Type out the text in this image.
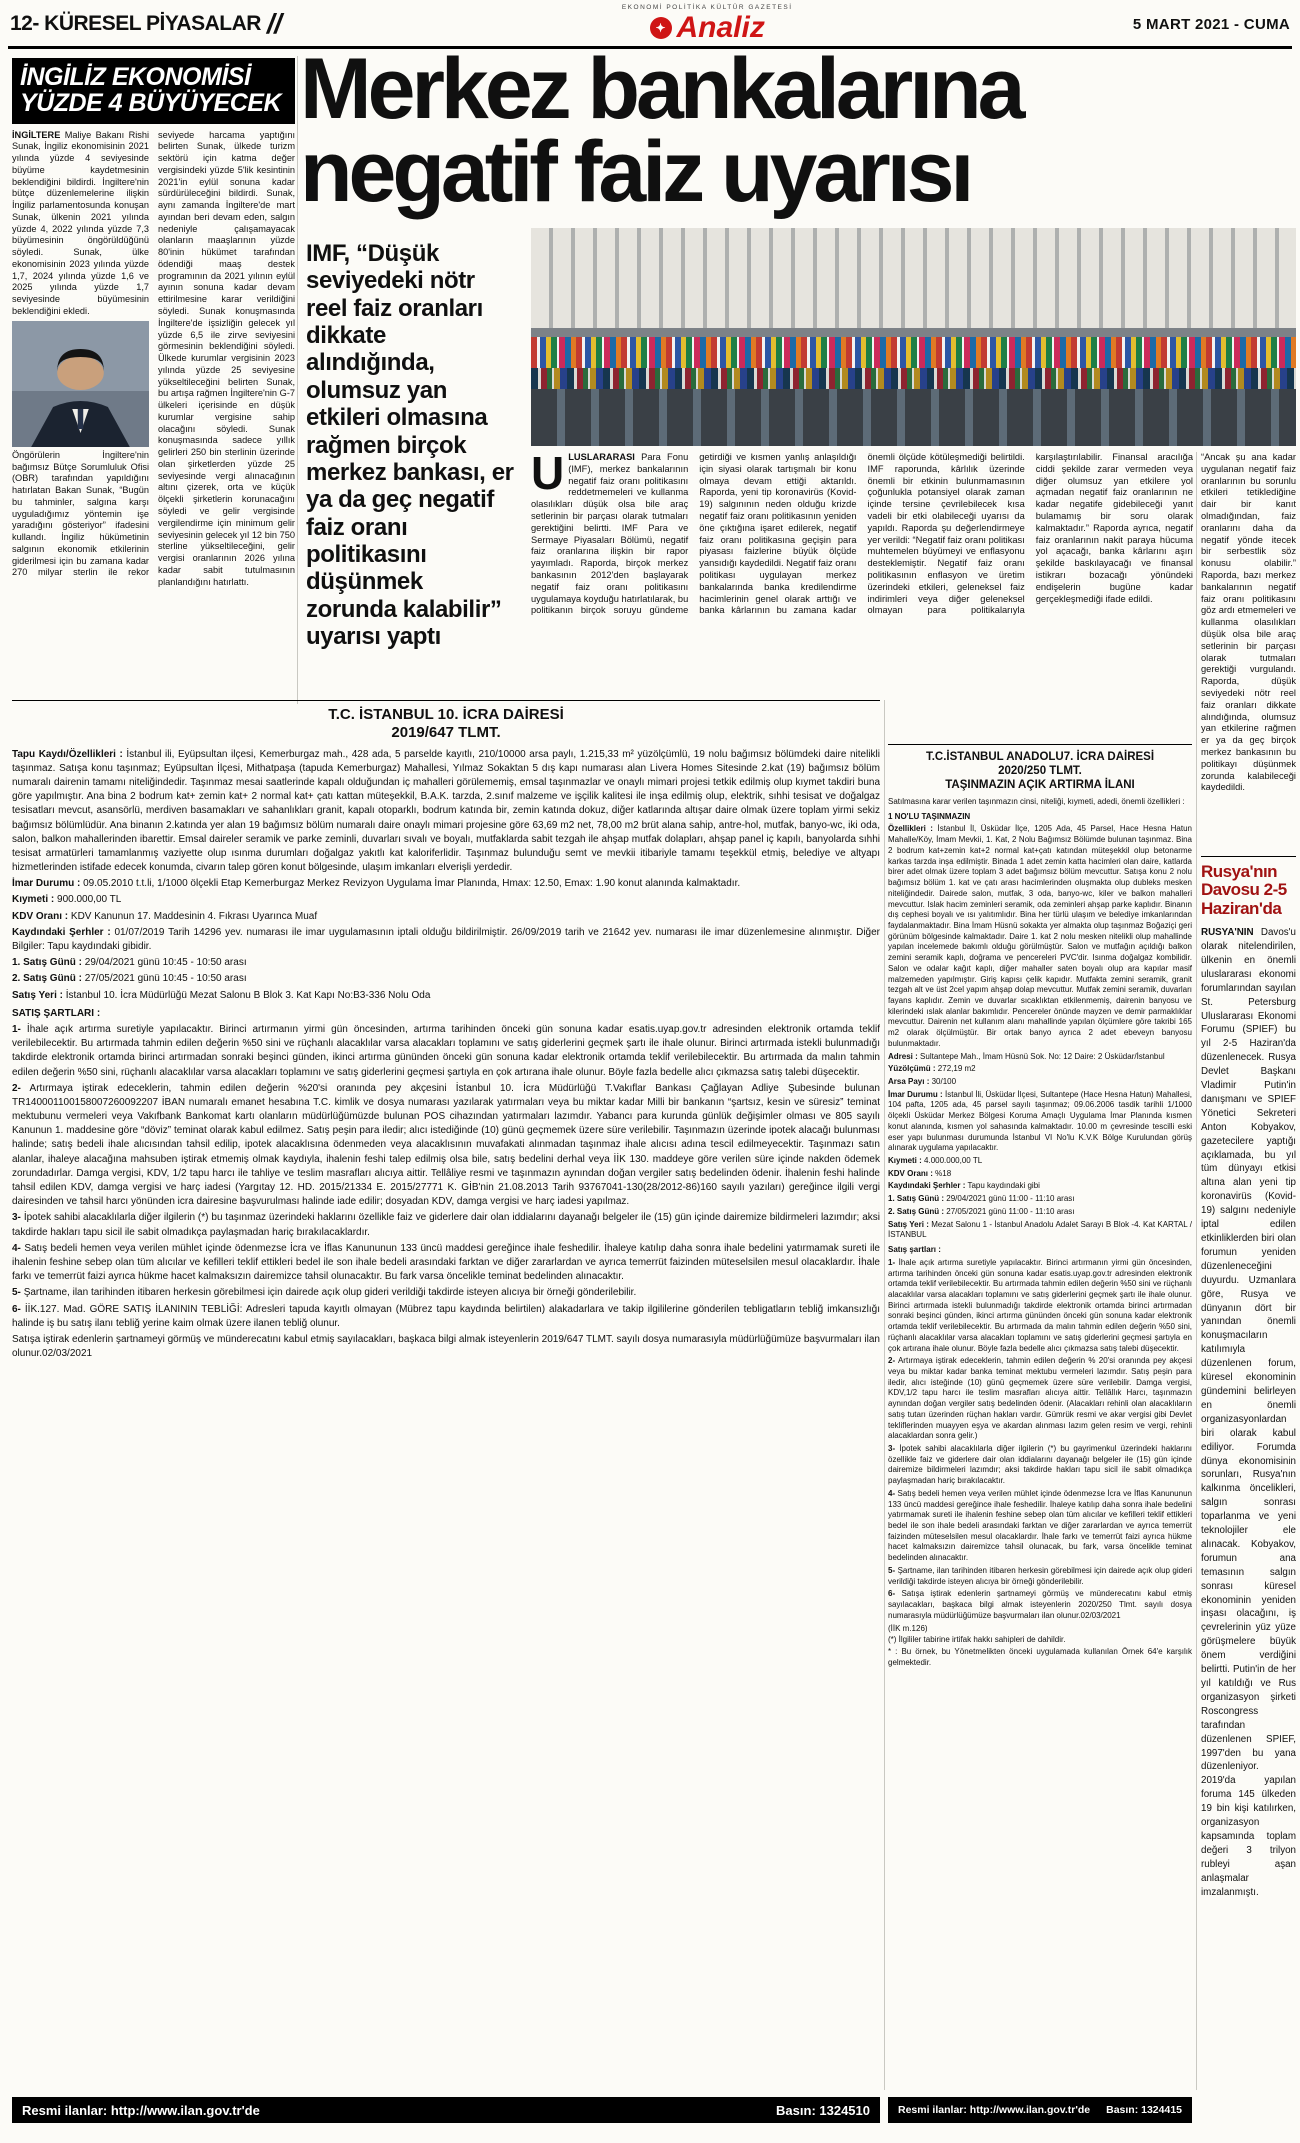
12- KÜRESEL PİYASALAR //
EKONOMİ POLİTİKA KÜLTÜR GAZETESİ
✦ Analiz	5 MART 2021 - CUMA
İNGİLİZ EKONOMİSİ
YÜZDE 4 BÜYÜYECEK

İNGİLTERE Maliye Bakanı Rishi Sunak, İngiliz ekonomisinin 2021 yılında yüzde 4 seviyesinde büyüme kaydetmesinin beklendiğini bildirdi. İngiltere'nin bütçe düzenlemelerine ilişkin İngiliz parlamentosunda konuşan Sunak, ülkenin 2021 yılında yüzde 4, 2022 yılında yüzde 7,3 büyümesinin öngörüldüğünü söyledi. Sunak, ülke ekonomisinin 2023 yılında yüzde 1,7, 2024 yılında yüzde 1,6 ve 2025 yılında yüzde 1,7 seviyesinde büyümesinin beklendiğini ekledi.

Öngörülerin İngiltere'nin bağımsız Bütçe Sorumluluk Ofisi (OBR) tarafından yapıldığını hatırlatan Bakan Sunak, “Bugün bu tahminler, salgına karşı uyguladığımız yöntemin işe yaradığını gösteriyor” ifadesini kullandı. İngiliz hükümetinin salgının ekonomik etkilerinin giderilmesi için bu zamana kadar 270 milyar sterlin ile rekor seviyede harcama yaptığını belirten Sunak, ülkede turizm sektörü için katma değer vergisindeki yüzde 5'lik kesintinin 2021'in eylül sonuna kadar sürdürüleceğini bildirdi. Sunak, aynı zamanda İngiltere'de mart ayından beri devam eden, salgın nedeniyle çalışamayacak olanların maaşlarının yüzde 80'inin hükümet tarafından ödendiği maaş destek programının da 2021 yılının eylül ayının sonuna kadar devam ettirilmesine karar verildiğini söyledi. Sunak konuşmasında İngiltere'de işsizliğin gelecek yıl yüzde 6,5 ile zirve seviyesini görmesinin beklendiğini söyledi. Ülkede kurumlar vergisinin 2023 yılında yüzde 25 seviyesine yükseltileceğini belirten Sunak, bu artışa rağmen İngiltere'nin G-7 ülkeleri içerisinde en düşük kurumlar vergisine sahip olacağını söyledi. Sunak konuşmasında sadece yıllık gelirleri 250 bin sterlinin üzerinde olan şirketlerden yüzde 25 seviyesinde vergi alınacağının altını çizerek, orta ve küçük ölçekli şirketlerin korunacağını söyledi ve gelir vergisinde vergilendirme için minimum gelir seviyesinin gelecek yıl 12 bin 750 sterline yükseltileceğini, gelir vergisi oranlarının 2026 yılına kadar sabit tutulmasının planlandığını hatırlattı.

Merkez bankalarına
negatif faiz uyarısı
IMF, “Düşük seviyedeki nötr reel faiz oranları dikkate alındığında, olumsuz yan etkileri olmasına rağmen birçok merkez bankası, er ya da geç negatif faiz oranı politikasını düşünmek zorunda kalabilir” uyarısı yaptı
ULUSLARARASI Para Fonu (IMF), merkez bankalarının negatif faiz oranı politikasını reddetmemeleri ve kullanma olasılıkları düşük olsa bile araç setlerinin bir parçası olarak tutmaları gerektiğini belirtti. IMF Para ve Sermaye Piyasaları Bölümü, negatif faiz oranlarına ilişkin bir rapor yayımladı. Raporda, birçok merkez bankasının 2012'den başlayarak negatif faiz oranı politikasını uygulamaya koyduğu hatırlatılarak, bu politikanın birçok soruyu gündeme getirdiği ve kısmen yanlış anlaşıldığı için siyasi olarak tartışmalı bir konu olmaya devam ettiği aktarıldı. Raporda, yeni tip koronavirüs (Kovid-19) salgınının neden olduğu krizde negatif faiz oranı politikasının yeniden öne çıktığına işaret edilerek, negatif faiz oranı politikasına geçişin para piyasası faizlerine büyük ölçüde yansıdığı kaydedildi. Negatif faiz oranı politikası uygulayan merkez bankalarında banka kredilendirme hacimlerinin genel olarak arttığı ve banka kârlarının bu zamana kadar önemli ölçüde kötüleşmediği belirtildi. IMF raporunda, kârlılık üzerinde önemli bir etkinin bulunmamasının çoğunlukla potansiyel olarak zaman içinde tersine çevrilebilecek kısa vadeli bir etki olabileceği uyarısı da yapıldı. Raporda şu değerlendirmeye yer verildi: “Negatif faiz oranı politikası muhtemelen büyümeyi ve enflasyonu desteklemiştir. Negatif faiz oranı politikasının enflasyon ve üretim üzerindeki etkileri, geleneksel faiz indirimleri veya diğer geleneksel olmayan para politikalarıyla karşılaştırılabilir. Finansal aracılığa ciddi şekilde zarar vermeden veya diğer olumsuz yan etkilere yol açmadan negatif faiz oranlarının ne kadar negatife gidebileceği yanıt bulamamış bir soru olarak kalmaktadır.” Raporda ayrıca, negatif faiz oranlarının nakit paraya hücuma yol açacağı, banka kârlarını aşırı şekilde baskılayacağı ve finansal istikrarı bozacağı yönündeki endişelerin bugüne kadar gerçekleşmediği ifade edildi.
“Ancak şu ana kadar uygulanan negatif faiz oranlarının bu sorunlu etkileri tetiklediğine dair bir kanıt olmadığından, faiz oranlarını daha da negatif yönde itecek bir serbestlik söz konusu olabilir.” Raporda, bazı merkez bankalarının negatif faiz oranı politikasını göz ardı etmemeleri ve kullanma olasılıkları düşük olsa bile araç setlerinin bir parçası olarak tutmaları gerektiği vurgulandı. Raporda, düşük seviyedeki nötr reel faiz oranları dikkate alındığında, olumsuz yan etkilerine rağmen er ya da geç birçok merkez bankasının bu politikayı düşünmek zorunda kalabileceği kaydedildi.
Rusya'nın Davosu 2-5 Haziran'da
RUSYA'NIN Davos'u olarak nitelendirilen, ülkenin en önemli uluslararası ekonomi forumlarından sayılan St. Petersburg Uluslararası Ekonomi Forumu (SPIEF) bu yıl 2-5 Haziran'da düzenlenecek. Rusya Devlet Başkanı Vladimir Putin'in danışmanı ve SPIEF Yönetici Sekreteri Anton Kobyakov, gazetecilere yaptığı açıklamada, bu yıl tüm dünyayı etkisi altına alan yeni tip koronavirüs (Kovid-19) salgını nedeniyle iptal edilen etkinliklerden biri olan forumun yeniden düzenleneceğini duyurdu. Uzmanlara göre, Rusya ve dünyanın dört bir yanından önemli konuşmacıların katılımıyla düzenlenen forum, küresel ekonominin gündemini belirleyen en önemli organizasyonlardan biri olarak kabul ediliyor. Forumda dünya ekonomisinin sorunları, Rusya'nın kalkınma öncelikleri, salgın sonrası toparlanma ve yeni teknolojiler ele alınacak. Kobyakov, forumun ana temasının salgın sonrası küresel ekonominin yeniden inşası olacağını, iş çevrelerinin yüz yüze görüşmelere büyük önem verdiğini belirtti. Putin'in de her yıl katıldığı ve Rus organizasyon şirketi Roscongress tarafından düzenlenen SPIEF, 1997'den bu yana düzenleniyor. 2019'da yapılan foruma 145 ülkeden 19 bin kişi katılırken, organizasyon kapsamında toplam değeri 3 trilyon rubleyi aşan anlaşmalar imzalanmıştı.
T.C. İSTANBUL 10. İCRA DAİRESİ
2019/647 TLMT.
Tapu Kaydı/Özellikleri : İstanbul ili, Eyüpsultan ilçesi, Kemerburgaz mah., 428 ada, 5 parselde kayıtlı, 210/10000 arsa paylı, 1.215,33 m² yüzölçümlü, 19 nolu bağımsız bölümdeki daire nitelikli taşınmaz. Satışa konu taşınmaz; Eyüpsultan İlçesi, Mithatpaşa (tapuda Kemerburgaz) Mahallesi, Yılmaz Sokaktan 5 dış kapı numarası alan Livera Homes Sitesinde 2.kat (19) bağımsız bölüm numaralı dairenin tamamı niteliğindedir. Taşınmaz mesai saatlerinde kapalı olduğundan iç mahalleri görülememiş, emsal taşınmazlar ve onaylı mimari projesi tetkik edilmiş olup kıymet takdiri buna göre yapılmıştır. Ana bina 2 bodrum kat+ zemin kat+ 2 normal kat+ çatı kattan müteşekkil, B.A.K. tarzda, 2.sınıf malzeme ve işçilik kalitesi ile inşa edilmiş olup, elektrik, sıhhi tesisat ve doğalgaz tesisatları mevcut, asansörlü, merdiven basamakları ve sahanlıkları granit, kapalı otoparklı, bodrum katında bir, zemin katında dokuz, diğer katlarında altışar daire olmak üzere toplam yirmi sekiz bağımsız bölümlüdür. Ana binanın 2.katında yer alan 19 bağımsız bölüm numaralı daire onaylı mimari projesine göre 63,69 m2 net, 78,00 m2 brüt alana sahip, antre-hol, mutfak, banyo-wc, iki oda, salon, balkon mahallerinden ibarettir. Emsal daireler seramik ve parke zeminli, duvarları sıvalı ve boyalı, mutfaklarda sabit tezgah ile ahşap mutfak dolapları, ahşap panel iç kapılı, banyolarda sıhhi tesisat armatürleri tamamlanmış vaziyette olup ısınma durumları doğalgaz yakıtlı kat kaloriferlidir. Taşınmaz bulunduğu semt ve mevkii itibariyle tamamı teşekkül etmiş, belediye ve altyapı hizmetlerinden istifade edecek konumda, civarın talep gören konut bölgesinde, ulaşım imkanları elverişli yerdedir.
İmar Durumu : 09.05.2010 t.t.li, 1/1000 ölçekli Etap Kemerburgaz Merkez Revizyon Uygulama İmar Planında, Hmax: 12.50, Emax: 1.90 konut alanında kalmaktadır.
Kıymeti : 900.000,00 TL
KDV Oranı : KDV Kanunun 17. Maddesinin 4. Fıkrası Uyarınca Muaf
Kaydındaki Şerhler : 01/07/2019 Tarih 14296 yev. numarası ile imar uygulamasının iptali olduğu bildirilmiştir. 26/09/2019 tarih ve 21642 yev. numarası ile imar düzenlemesine alınmıştır. Diğer Bilgiler: Tapu kaydındaki gibidir.
1. Satış Günü : 29/04/2021 günü 10:45 - 10:50 arası
2. Satış Günü : 27/05/2021 günü 10:45 - 10:50 arası
Satış Yeri : İstanbul 10. İcra Müdürlüğü Mezat Salonu B Blok 3. Kat Kapı No:B3-336 Nolu Oda
SATIŞ ŞARTLARI :
1- İhale açık artırma suretiyle yapılacaktır. Birinci artırmanın yirmi gün öncesinden, artırma tarihinden önceki gün sonuna kadar esatis.uyap.gov.tr adresinden elektronik ortamda teklif verilebilecektir. Bu artırmada tahmin edilen değerin %50 sini ve rüçhanlı alacaklılar varsa alacakları toplamını ve satış giderlerini geçmek şartı ile ihale olunur. Birinci artırmada istekli bulunmadığı takdirde elektronik ortamda birinci artırmadan sonraki beşinci günden, ikinci artırma gününden önceki gün sonuna kadar elektronik ortamda teklif verilebilecektir. Bu artırmada da malın tahmin edilen değerin %50 sini, rüçhanlı alacaklılar varsa alacakları toplamını ve satış giderlerini geçmesi şartıyla en çok artırana ihale olunur. Böyle fazla bedelle alıcı çıkmazsa satış talebi düşecektir.
2- Artırmaya iştirak edeceklerin, tahmin edilen değerin %20'si oranında pey akçesini İstanbul 10. İcra Müdürlüğü T.Vakıflar Bankası Çağlayan Adliye Şubesinde bulunan TR140001100158007260092207 İBAN numaralı emanet hesabına T.C. kimlik ve dosya numarası yazılarak yatırmaları veya bu miktar kadar Milli bir bankanın “şartsız, kesin ve süresiz” teminat mektubunu vermeleri veya Vakıfbank Bankomat kartı olanların müdürlüğümüzde bulunan POS cihazından yatırmaları lazımdır. Yabancı para kurunda günlük değişimler olması ve 805 sayılı Kanunun 1. maddesine göre “döviz” teminat olarak kabul edilmez. Satış peşin para iledir; alıcı istediğinde (10) günü geçmemek üzere süre verilebilir. Taşınmazın üzerinde ipotek alacağı bulunması halinde; satış bedeli ihale alıcısından tahsil edilip, ipotek alacaklısına ödenmeden veya alacaklısının muvafakati alınmadan taşınmaz ihale alıcısı adına tescil edilmeyecektir. Taşınmazı satın alanlar, ihaleye alacağına mahsuben iştirak etmemiş olmak kaydıyla, ihalenin feshi talep edilmiş olsa bile, satış bedelini derhal veya İİK 130. maddeye göre verilen süre içinde nakden ödemek zorundadırlar. Damga vergisi, KDV, 1/2 tapu harcı ile tahliye ve teslim masrafları alıcıya aittir. Tellâliye resmi ve taşınmazın aynından doğan vergiler satış bedelinden ödenir. İhalenin feshi halinde tahsil edilen KDV, damga vergisi ve harç iadesi (Yargıtay 12. HD. 2015/21334 E. 2015/27771 K. GİB'nin 21.08.2013 Tarih 93767041-130(28/2012-86)160 sayılı yazıları) gereğince ilgili vergi dairesinden ve tahsil harcı yönünden icra dairesine başvurulması halinde iade edilir; dosyadan KDV, damga vergisi ve harç iadesi yapılmaz.
3- İpotek sahibi alacaklılarla diğer ilgilerin (*) bu taşınmaz üzerindeki haklarını özellikle faiz ve giderlere dair olan iddialarını dayanağı belgeler ile (15) gün içinde dairemize bildirmeleri lazımdır; aksi takdirde hakları tapu sicil ile sabit olmadıkça paylaşmadan hariç bırakılacaklardır.
4- Satış bedeli hemen veya verilen mühlet içinde ödenmezse İcra ve İflas Kanununun 133 üncü maddesi gereğince ihale feshedilir. İhaleye katılıp daha sonra ihale bedelini yatırmamak sureti ile ihalenin feshine sebep olan tüm alıcılar ve kefilleri teklif ettikleri bedel ile son ihale bedeli arasındaki farktan ve diğer zararlardan ve ayrıca temerrüt faizinden müteselsilen mesul olacaklardır. İhale farkı ve temerrüt faizi ayrıca hükme hacet kalmaksızın dairemizce tahsil olunacaktır. Bu fark varsa öncelikle teminat bedelinden alınacaktır.
5- Şartname, ilan tarihinden itibaren herkesin görebilmesi için dairede açık olup gideri verildiği takdirde isteyen alıcıya bir örneği gönderilebilir.
6- İİK.127. Mad. GÖRE SATIŞ İLANININ TEBLİĞİ: Adresleri tapuda kayıtlı olmayan (Mübrez tapu kaydında belirtilen) alakadarlara ve takip ilgililerine gönderilen tebligatların tebliğ imkansızlığı halinde iş bu satış ilanı tebliğ yerine kaim olmak üzere ilanen tebliğ olunur.
Satışa iştirak edenlerin şartnameyi görmüş ve münderecatını kabul etmiş sayılacakları, başkaca bilgi almak isteyenlerin 2019/647 TLMT. sayılı dosya numarasıyla müdürlüğümüze başvurmaları ilan olunur.02/03/2021
Resmi ilanlar: http://www.ilan.gov.tr'de	Basın: 1324510
T.C.İSTANBUL ANADOLU7. İCRA DAİRESİ
2020/250 TLMT.
TAŞINMAZIN AÇIK ARTIRMA İLANI
Satılmasına karar verilen taşınmazın cinsi, niteliği, kıymeti, adedi, önemli özellikleri :
1 NO'LU TAŞINMAZIN
Özellikleri : İstanbul İl, Üsküdar İlçe, 1205 Ada, 45 Parsel, Hace Hesna Hatun Mahalle/Köy, İmam Mevkii, 1. Kat, 2 Nolu Bağımsız Bölümde bulunan taşınmaz. Bina 2 bodrum kat+zemin kat+2 normal kat+çatı katından müteşekkil olup betonarme karkas tarzda inşa edilmiştir. Binada 1 adet zemin katta hacimleri olan daire, katlarda birer adet olmak üzere toplam 3 adet bağımsız bölüm mevcuttur. Satışa konu 2 nolu bağımsız bölüm 1. kat ve çatı arası hacimlerinden oluşmakta olup dubleks mesken niteliğindedir. Dairede salon, mutfak, 3 oda, banyo-wc, kiler ve balkon mahalleri mevcuttur. Islak hacim zeminleri seramik, oda zeminleri ahşap parke kaplıdır. Binanın dış cephesi boyalı ve ısı yalıtımlıdır. Bina her türlü ulaşım ve belediye imkanlarından faydalanmaktadır. Bina İmam Hüsnü sokakta yer almakta olup taşınmaz Boğaziçi geri görünüm bölgesinde kalmaktadır. Daire 1. kat 2 nolu mesken nitelikli olup mahallinde yapılan incelemede bakımlı olduğu görülmüştür. Salon ve mutfağın açıldığı balkon zemini seramik kaplı, doğrama ve pencereleri PVC'dir. Isınma doğalgaz kombilidir. Salon ve odalar kağıt kaplı, diğer mahaller saten boyalı olup ara kapılar masif malzemeden yapılmıştır. Giriş kapısı çelik kapıdır. Mutfakta zemini seramik, granit tezgah alt ve üst 2cel yapım ahşap dolap mevcuttur. Mutfak zemini seramik, duvarları fayans kaplıdır. Zemin ve duvarlar sıcaklıktan etkilenmemiş, dairenin banyosu ve kilerindeki ıslak alanlar bakımlıdır. Pencereler önünde mayzen ve demir parmaklıklar mevcuttur. Dairenin net kullanım alanı mahallinde yapılan ölçümlere göre takribi 165 m2 olarak ölçülmüştür. Bir ortak banyo ayrıca 2 adet ebeveyn banyosu bulunmaktadır.
Adresi : Sultantepe Mah., İmam Hüsnü Sok. No: 12 Daire: 2 Üsküdar/İstanbul
Yüzölçümü : 272,19 m2
Arsa Payı : 30/100
İmar Durumu : İstanbul İli, Üsküdar İlçesi, Sultantepe (Hace Hesna Hatun) Mahallesi, 104 pafta, 1205 ada, 45 parsel sayılı taşınmaz; 09.06.2006 tasdik tarihli 1/1000 ölçekli Üsküdar Merkez Bölgesi Koruma Amaçlı Uygulama İmar Planında kısmen konut alanında, kısmen yol sahasında kalmaktadır. 10.00 m çevresinde tescilli eski eser yapı bulunması durumunda İstanbul VI No'lu K.V.K Bölge Kurulundan görüş alınarak uygulama yapılacaktır.
Kıymeti : 4.000.000,00 TL
KDV Oranı : %18
Kaydındaki Şerhler : Tapu kaydındaki gibi
1. Satış Günü : 29/04/2021 günü 11:00 - 11:10 arası
2. Satış Günü : 27/05/2021 günü 11:00 - 11:10 arası
Satış Yeri : Mezat Salonu 1 - İstanbul Anadolu Adalet Sarayı B Blok -4. Kat KARTAL / İSTANBUL
Satış şartları :
1- İhale açık artırma suretiyle yapılacaktır. Birinci artırmanın yirmi gün öncesinden, artırma tarihinden önceki gün sonuna kadar esatis.uyap.gov.tr adresinden elektronik ortamda teklif verilebilecektir. Bu artırmada tahmin edilen değerin %50 sini ve rüçhanlı alacaklılar varsa alacakları toplamını ve satış giderlerini geçmek şartı ile ihale olunur. Birinci artırmada istekli bulunmadığı takdirde elektronik ortamda birinci artırmadan sonraki beşinci günden, ikinci artırma gününden önceki gün sonuna kadar elektronik ortamda teklif verilebilecektir. Bu artırmada da malın tahmin edilen değerin %50 sini, rüçhanlı alacaklılar varsa alacakları toplamını ve satış giderlerini geçmesi şartıyla en çok artırana ihale olunur. Böyle fazla bedelle alıcı çıkmazsa satış talebi düşecektir.
2- Artırmaya iştirak edeceklerin, tahmin edilen değerin % 20'si oranında pey akçesi veya bu miktar kadar banka teminat mektubu vermeleri lazımdır. Satış peşin para iledir, alıcı isteğinde (10) günü geçmemek üzere süre verilebilir. Damga vergisi, KDV,1/2 tapu harcı ile teslim masrafları alıcıya aittir. Tellâllık Harcı, taşınmazın aynından doğan vergiler satış bedelinden ödenir. (Alacakları rehinli olan alacaklıların satış tutarı üzerinden rüçhan hakları vardır. Gümrük resmi ve akar vergisi gibi Devlet tekliflerinden muayyen eşya ve akardan alınması lazım gelen resim ve vergi, rehinli alacaklardan sonra gelir.)
3- İpotek sahibi alacaklılarla diğer ilgilerin (*) bu gayrimenkul üzerindeki haklarını özellikle faiz ve giderlere dair olan iddialarını dayanağı belgeler ile (15) gün içinde dairemize bildirmeleri lazımdır; aksi takdirde hakları tapu sicil ile sabit olmadıkça paylaşmadan hariç bırakılacaktır.
4- Satış bedeli hemen veya verilen mühlet içinde ödenmezse İcra ve İflas Kanununun 133 üncü maddesi gereğince ihale feshedilir. İhaleye katılıp daha sonra ihale bedelini yatırmamak sureti ile ihalenin feshine sebep olan tüm alıcılar ve kefilleri teklif ettikleri bedel ile son ihale bedeli arasındaki farktan ve diğer zararlardan ve ayrıca temerrüt faizinden müteselsilen mesul olacaklardır. İhale farkı ve temerrüt faizi ayrıca hükme hacet kalmaksızın dairemizce tahsil olunacak, bu fark, varsa öncelikle teminat bedelinden alınacaktır.
5- Şartname, ilan tarihinden itibaren herkesin görebilmesi için dairede açık olup gideri verildiği takdirde isteyen alıcıya bir örneği gönderilebilir.
6- Satışa iştirak edenlerin şartnameyi görmüş ve münderecatını kabul etmiş sayılacakları, başkaca bilgi almak isteyenlerin 2020/250 Tlmt. sayılı dosya numarasıyla müdürlüğümüze başvurmaları ilan olunur.02/03/2021
(İİK m.126)
(*) İlgililer tabirine irtifak hakkı sahipleri de dahildir.
* : Bu örnek, bu Yönetmelikten önceki uygulamada kullanılan Örnek 64'e karşılık gelmektedir.
Resmi ilanlar: http://www.ilan.gov.tr'de Basın: 1324415
